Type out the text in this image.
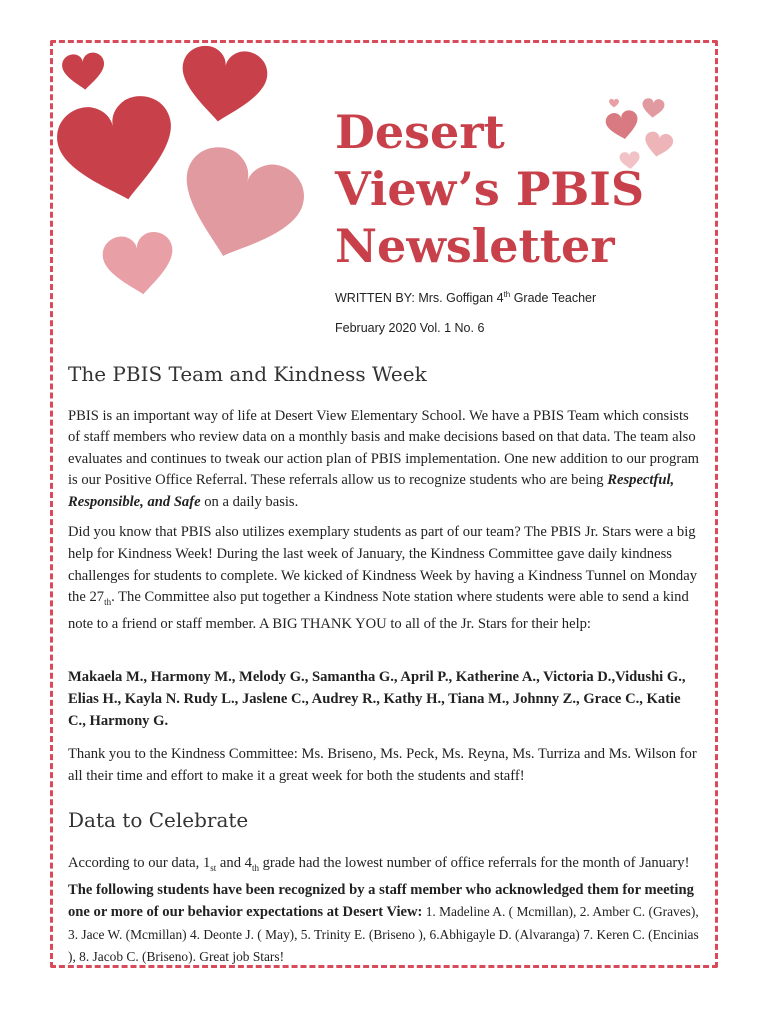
Desert
View’s PBIS
Newsletter
WRITTEN BY: Mrs. Goffigan 4th Grade Teacher
February 2020 Vol. 1 No. 6
The PBIS Team and Kindness Week
PBIS is an important way of life at Desert View Elementary School. We have a PBIS Team which consists of staff members who review data on a monthly basis and make decisions based on that data. The team also evaluates and continues to tweak our action plan of PBIS implementation. One new addition to our program is our Positive Office Referral. These referrals allow us to recognize students who are being Respectful, Responsible, and Safe on a daily basis.
Did you know that PBIS also utilizes exemplary students as part of our team? The PBIS Jr. Stars were a big help for Kindness Week! During the last week of January, the Kindness Committee gave daily kindness challenges for students to complete. We kicked of Kindness Week by having a Kindness Tunnel on Monday the $27_{th}$. The Committee also put together a Kindness Note station where students were able to send a kind note to a friend or staff member. A BIG THANK YOU to all of the Jr. Stars for their help:
Makaela M., Harmony M., Melody G., Samantha G., April P., Katherine A., Victoria D.,Vidushi G., Elias H., Kayla N. Rudy L., Jaslene C., Audrey R., Kathy H., Tiana M., Johnny Z., Grace C., Katie C., Harmony G.
Thank you to the Kindness Committee: Ms. Briseno, Ms. Peck, Ms. Reyna, Ms. Turriza and Ms. Wilson for all their time and effort to make it a great week for both the students and staff!
Data to Celebrate
According to our data, $1_{st}$ and $4_{th}$ grade had the lowest number of office referrals for the month of January! The following students have been recognized by a staff member who acknowledged them for meeting one or more of our behavior expectations at Desert View: 1. Madeline A. ( Mcmillan), 2. Amber C. (Graves), 3. Jace W. (Mcmillan) 4. Deonte J. ( May), 5. Trinity E. (Briseno ), 6.Abhigayle D. (Alvaranga) 7. Keren C. (Encinias ), 8. Jacob C. (Briseno). Great job Stars!
